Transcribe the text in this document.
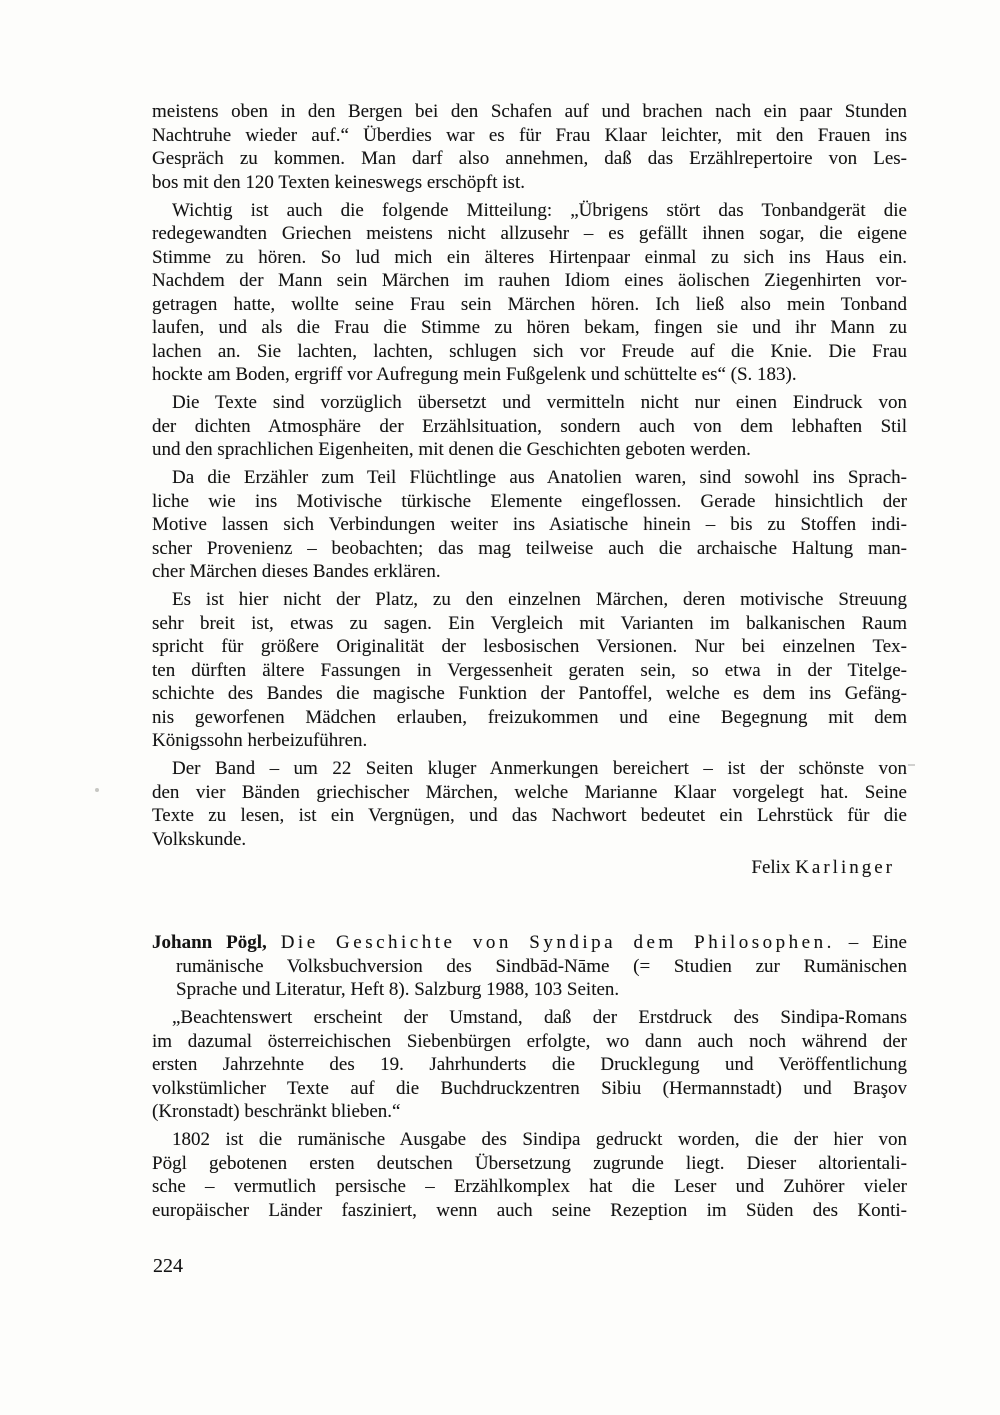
meistens oben in den Bergen bei den Schafen auf und brachen nach ein paar Stunden
Nachtruhe wieder auf.“ Überdies war es für Frau Klaar leichter, mit den Frauen ins
Gespräch zu kommen. Man darf also annehmen, daß das Erzählrepertoire von Les-
bos mit den 120 Texten keineswegs erschöpft ist.
Wichtig ist auch die folgende Mitteilung: „Übrigens stört das Tonbandgerät die
redegewandten Griechen meistens nicht allzusehr – es gefällt ihnen sogar, die eigene
Stimme zu hören. So lud mich ein älteres Hirtenpaar einmal zu sich ins Haus ein.
Nachdem der Mann sein Märchen im rauhen Idiom eines äolischen Ziegenhirten vor-
getragen hatte, wollte seine Frau sein Märchen hören. Ich ließ also mein Tonband
laufen, und als die Frau die Stimme zu hören bekam, fingen sie und ihr Mann zu
lachen an. Sie lachten, lachten, schlugen sich vor Freude auf die Knie. Die Frau
hockte am Boden, ergriff vor Aufregung mein Fußgelenk und schüttelte es“ (S. 183).
Die Texte sind vorzüglich übersetzt und vermitteln nicht nur einen Eindruck von
der dichten Atmosphäre der Erzählsituation, sondern auch von dem lebhaften Stil
und den sprachlichen Eigenheiten, mit denen die Geschichten geboten werden.
Da die Erzähler zum Teil Flüchtlinge aus Anatolien waren, sind sowohl ins Sprach-
liche wie ins Motivische türkische Elemente eingeflossen. Gerade hinsichtlich der
Motive lassen sich Verbindungen weiter ins Asiatische hinein – bis zu Stoffen indi-
scher Provenienz – beobachten; das mag teilweise auch die archaische Haltung man-
cher Märchen dieses Bandes erklären.
Es ist hier nicht der Platz, zu den einzelnen Märchen, deren motivische Streuung
sehr breit ist, etwas zu sagen. Ein Vergleich mit Varianten im balkanischen Raum
spricht für größere Originalität der lesbosischen Versionen. Nur bei einzelnen Tex-
ten dürften ältere Fassungen in Vergessenheit geraten sein, so etwa in der Titelge-
schichte des Bandes die magische Funktion der Pantoffel, welche es dem ins Gefäng-
nis geworfenen Mädchen erlauben, freizukommen und eine Begegnung mit dem
Königssohn herbeizuführen.
Der Band – um 22 Seiten kluger Anmerkungen bereichert – ist der schönste von
den vier Bänden griechischer Märchen, welche Marianne Klaar vorgelegt hat. Seine
Texte zu lesen, ist ein Vergnügen, und das Nachwort bedeutet ein Lehrstück für die
Volkskunde.
Felix Karlinger
Johann Pögl, Die Geschichte von Syndipa dem Philosophen. – Eine
rumänische Volksbuchversion des Sindbād-Nāme (= Studien zur Rumänischen
Sprache und Literatur, Heft 8). Salzburg 1988, 103 Seiten.
„Beachtenswert erscheint der Umstand, daß der Erstdruck des Sindipa-Romans
im dazumal österreichischen Siebenbürgen erfolgte, wo dann auch noch während der
ersten Jahrzehnte des 19. Jahrhunderts die Drucklegung und Veröffentlichung
volkstümlicher Texte auf die Buchdruckzentren Sibiu (Hermannstadt) und Braşov
(Kronstadt) beschränkt blieben.“
1802 ist die rumänische Ausgabe des Sindipa gedruckt worden, die der hier von
Pögl gebotenen ersten deutschen Übersetzung zugrunde liegt. Dieser altorientali-
sche – vermutlich persische – Erzählkomplex hat die Leser und Zuhörer vieler
europäischer Länder fasziniert, wenn auch seine Rezeption im Süden des Konti-
224
